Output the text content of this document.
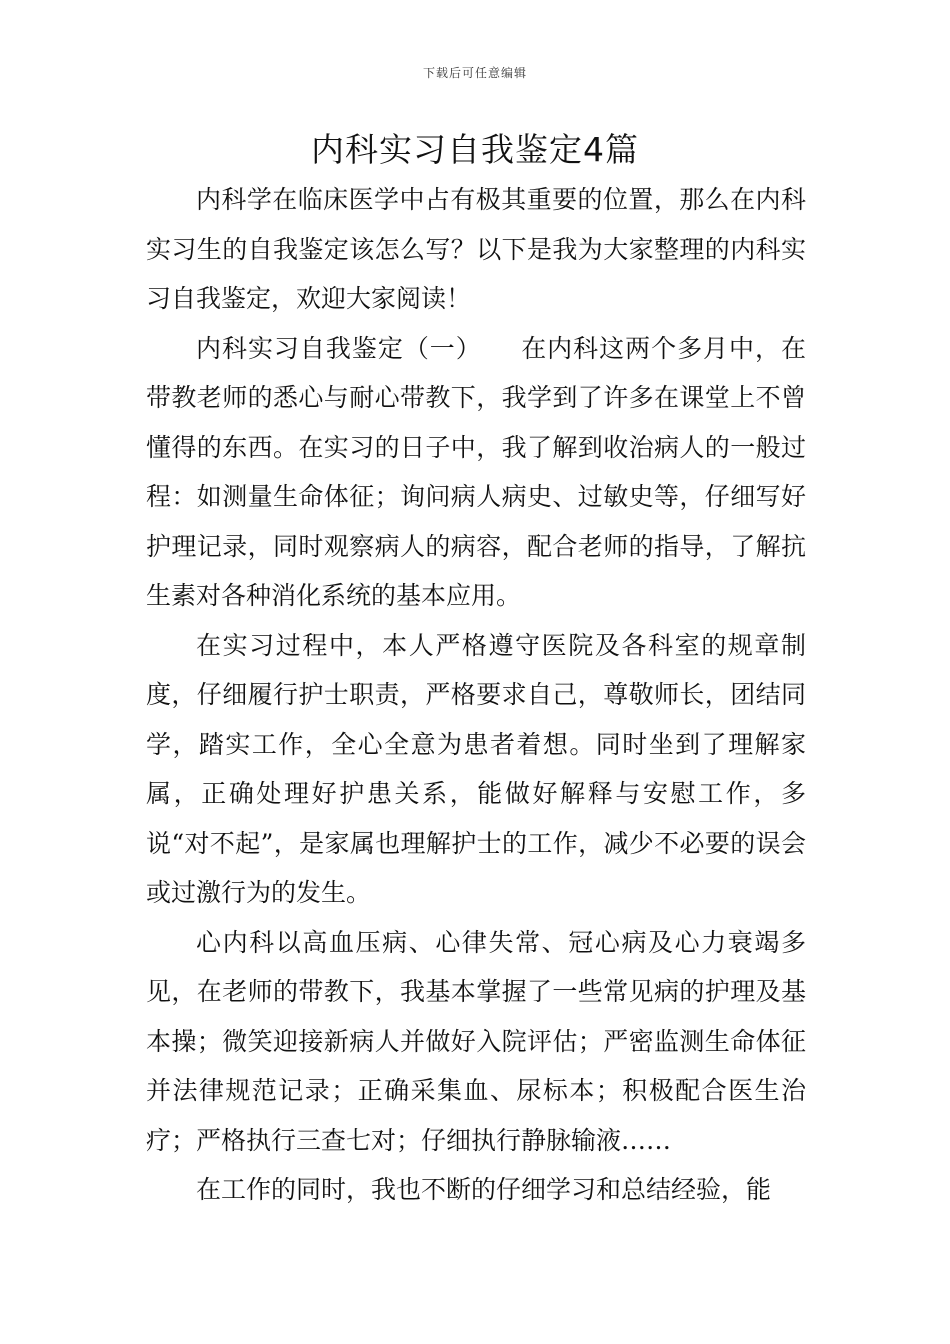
下载后可任意编辑
内科实习自我鉴定4篇

内科学在临床医学中占有极其重要的位置，那么在内科实习生的自我鉴定该怎么写？以下是我为大家整理的内科实习自我鉴定，欢迎大家阅读！

内科实习自我鉴定（一）　　在内科这两个多月中，在带教老师的悉心与耐心带教下，我学到了许多在课堂上不曾懂得的东西。在实习的日子中，我了解到收治病人的一般过程：如测量生命体征；询问病人病史、过敏史等，仔细写好护理记录，同时观察病人的病容，配合老师的指导，了解抗生素对各种消化系统的基本应用。

在实习过程中，本人严格遵守医院及各科室的规章制度，仔细履行护士职责，严格要求自己，尊敬师长，团结同学，踏实工作，全心全意为患者着想。同时坐到了理解家属，正确处理好护患关系，能做好解释与安慰工作，多说“对不起”，是家属也理解护士的工作，减少不必要的误会或过激行为的发生。

心内科以高血压病、心律失常、冠心病及心力衰竭多见，在老师的带教下，我基本掌握了一些常见病的护理及基本操；微笑迎接新病人并做好入院评估；严密监测生命体征并法律规范记录；正确采集血、尿标本；积极配合医生治疗；严格执行三查七对；仔细执行静脉输液……

在工作的同时，我也不断的仔细学习和总结经验，能
